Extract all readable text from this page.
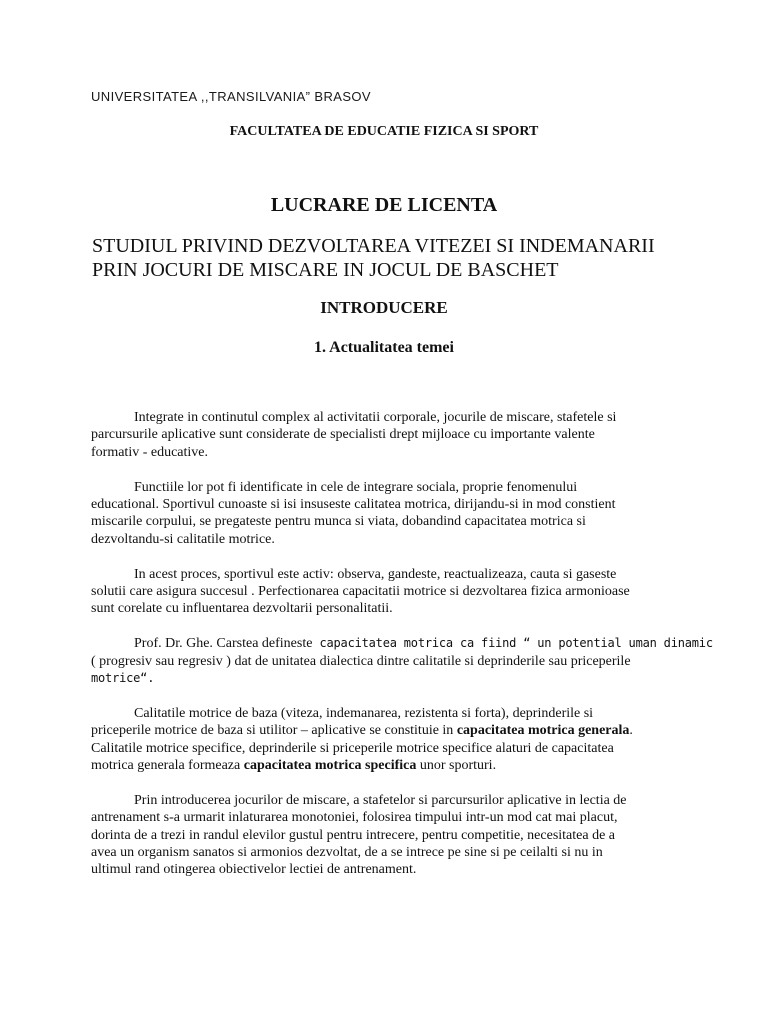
UNIVERSITATEA ,,TRANSILVANIA” BRASOV
FACULTATEA DE EDUCATIE FIZICA SI SPORT
LUCRARE DE LICENTA
STUDIUL PRIVIND DEZVOLTAREA VITEZEI SI INDEMANARII
PRIN JOCURI DE MISCARE IN JOCUL DE BASCHET
INTRODUCERE
1. Actualitatea temei
Integrate in continutul complex al activitatii corporale, jocurile de miscare, stafetele si
parcursurile aplicative sunt considerate de specialisti drept mijloace cu importante valente
formativ - educative.
Functiile lor pot fi identificate in cele de integrare sociala, proprie fenomenului
educational. Sportivul cunoaste si isi insuseste calitatea motrica, dirijandu-si in mod constient
miscarile corpului, se pregateste pentru munca si viata, dobandind capacitatea motrica si
dezvoltandu-si calitatile motrice.
In acest proces, sportivul este activ: observa, gandeste, reactualizeaza, cauta si gaseste
solutii care asigura succesul . Perfectionarea capacitatii motrice si dezvoltarea fizica armonioase
sunt corelate cu influentarea dezvoltarii personalitatii.
Prof. Dr. Ghe. Carstea defineste capacitatea motrica ca fiind “ un potential uman dinamic
( progresiv sau regresiv ) dat de unitatea dialectica dintre calitatile si deprinderile sau priceperile
motrice“.
Calitatile motrice de baza (viteza, indemanarea, rezistenta si forta), deprinderile si
priceperile motrice de baza si utilitor – aplicative se constituie in capacitatea motrica generala.
Calitatile motrice specifice, deprinderile si priceperile motrice specifice alaturi de capacitatea
motrica generala formeaza capacitatea motrica specifica unor sporturi.
Prin introducerea jocurilor de miscare, a stafetelor si parcursurilor aplicative in lectia de
antrenament s-a urmarit inlaturarea monotoniei, folosirea timpului intr-un mod cat mai placut,
dorinta de a trezi in randul elevilor gustul pentru intrecere, pentru competitie, necesitatea de a
avea un organism sanatos si armonios dezvoltat, de a se intrece pe sine si pe ceilalti si nu in
ultimul rand otingerea obiectivelor lectiei de antrenament.
